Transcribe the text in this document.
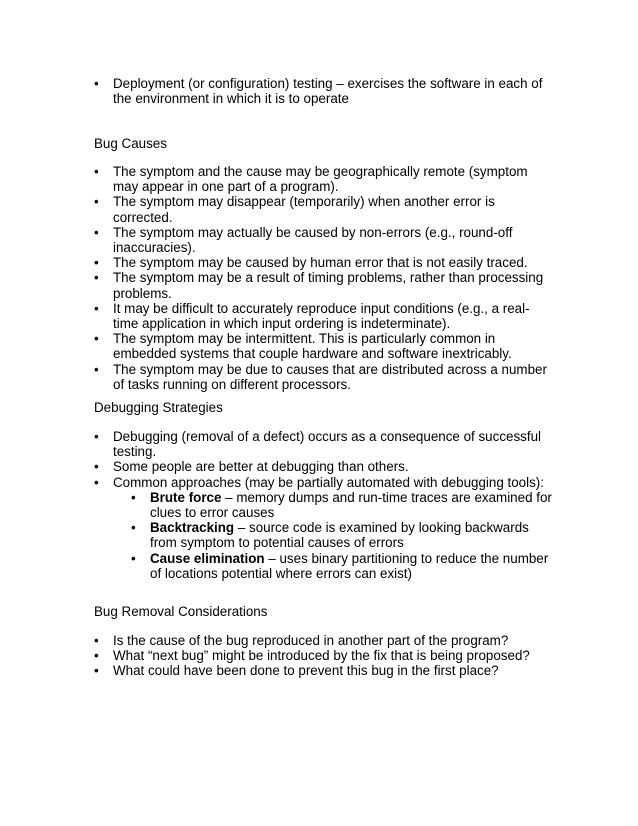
• Deployment (or configuration) testing – exercises the software in each of the environment in which it is to operate
Bug Causes
• The symptom and the cause may be geographically remote (symptom may appear in one part of a program).
• The symptom may disappear (temporarily) when another error is corrected.
• The symptom may actually be caused by non-errors (e.g., round-off inaccuracies).
• The symptom may be caused by human error that is not easily traced.
• The symptom may be a result of timing problems, rather than processing problems.
• It may be difficult to accurately reproduce input conditions (e.g., a real-time application in which input ordering is indeterminate).
• The symptom may be intermittent. This is particularly common in embedded systems that couple hardware and software inextricably.
• The symptom may be due to causes that are distributed across a number of tasks running on different processors.
Debugging Strategies
• Debugging (removal of a defect) occurs as a consequence of successful testing.
• Some people are better at debugging than others.
• Common approaches (may be partially automated with debugging tools):
• Brute force – memory dumps and run-time traces are examined for clues to error causes
• Backtracking – source code is examined by looking backwards from symptom to potential causes of errors
• Cause elimination – uses binary partitioning to reduce the number of locations potential where errors can exist)
Bug Removal Considerations
• Is the cause of the bug reproduced in another part of the program?
• What “next bug” might be introduced by the fix that is being proposed?
• What could have been done to prevent this bug in the first place?
